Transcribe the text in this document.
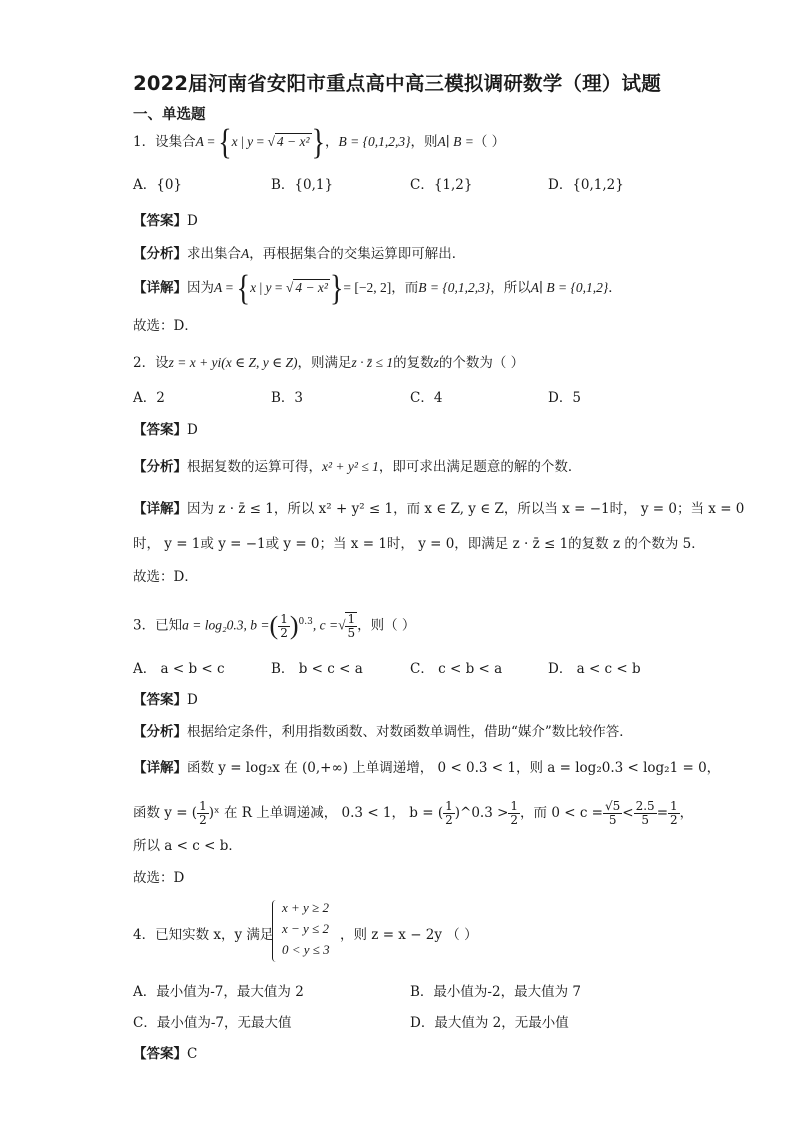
2022届河南省安阳市重点高中高三模拟调研数学（理）试题
一、单选题
1．设集合A = {x | y = √ 4 − x²}，B = {0,1,2,3}，则A∣ B =（ ）
A．{0}	B．{0,1}	C．{1,2}	D．{0,1,2}
【答案】D
【分析】求出集合A，再根据集合的交集运算即可解出．
【详解】因为A = {x | y = √ 4 − x²}= [−2, 2]，而B = {0,1,2,3}，所以A∣ B = {0,1,2}．
故选：D．
2．设z = x + yi(x ∈ Z, y ∈ Z)，则满足z · z̄ ≤ 1的复数z的个数为（ ）
A．2	B．3	C．4	D．5
【答案】D
【分析】根据复数的运算可得，x² + y² ≤ 1，即可求出满足题意的解的个数．
【详解】因为 z · z̄ ≤ 1，所以 x² + y² ≤ 1，而 x ∈ Z, y ∈ Z，所以当 x = −1时， y = 0；当 x = 0
时， y = 1或 y = −1或 y = 0；当 x = 1时， y = 0，即满足 z · z̄ ≤ 1的复数 z 的个数为 5．
故选：D．
3．已知a = log₂0.3, b =( $\frac{1}{2} )^{0.3}$, c =√ $\frac{1}{5}$ ，则（ ）
A． a < b < c	B． b < c < a	C． c < b < a	D． a < c < b
【答案】D
【分析】根据给定条件，利用指数函数、对数函数单调性，借助“媒介”数比较作答．
【详解】函数 y = log₂x 在 (0,+∞) 上单调递增， 0 < 0.3 < 1，则 a = log₂0.3 < log₂1 = 0，
函数 y = ( $\frac{1}{2}$ )ˣ 在 R 上单调递减， 0.3 < 1， b = ( $\frac{1}{2}$ )^0.3 > $\frac{1}{2}$ ，而 $0 < c = \frac{√5}{5} < \frac{2.5}{5} = \frac{1}{2}$ ，
所以 a < c < b．
故选：D
4．已知实数 x，y 满足
x + y ≥ 2
x − y ≤ 2
0 < y ≤ 3
，则 z = x − 2y （ ）
A．最小值为-7，最大值为 2	B．最小值为-2，最大值为 7
C．最小值为-7，无最大值	D．最大值为 2，无最小值
【答案】C
